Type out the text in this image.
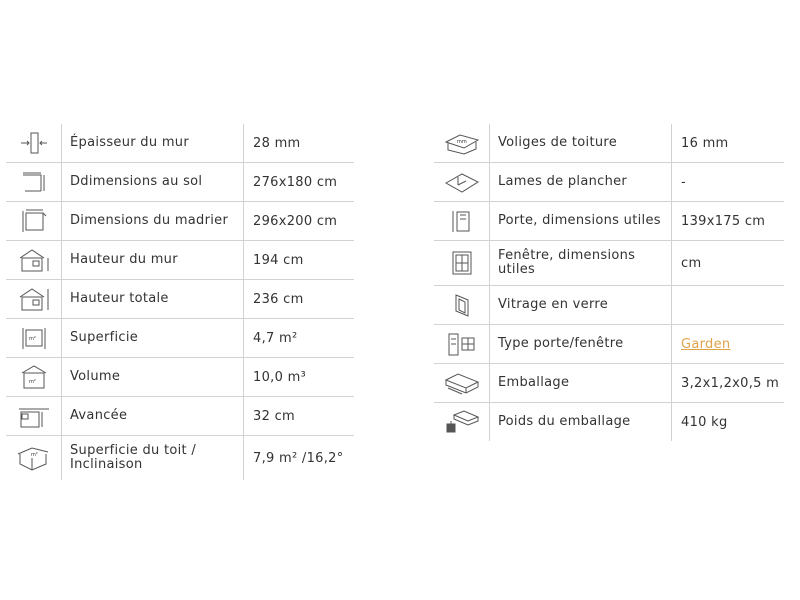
Épaisseur du mur	28 mm
Ddimensions au sol	276x180 cm
Dimensions du madrier	296x200 cm
Hauteur du mur	194 cm
Hauteur totale	236 cm
m²	Superficie	4,7 m²
m²	Volume	10,0 m³
Avancée	32 cm
m²	Superficie du toit / Inclinaison	7,9 m² /16,2°
mm	Voliges de toiture	16 mm
Lames de plancher	-
Porte, dimensions utiles	139x175 cm
Fenêtre, dimensions utiles	cm
Vitrage en verre
Type porte/fenêtre	Garden
Emballage	3,2x1,2x0,5 m
Poids du emballage	410 kg
